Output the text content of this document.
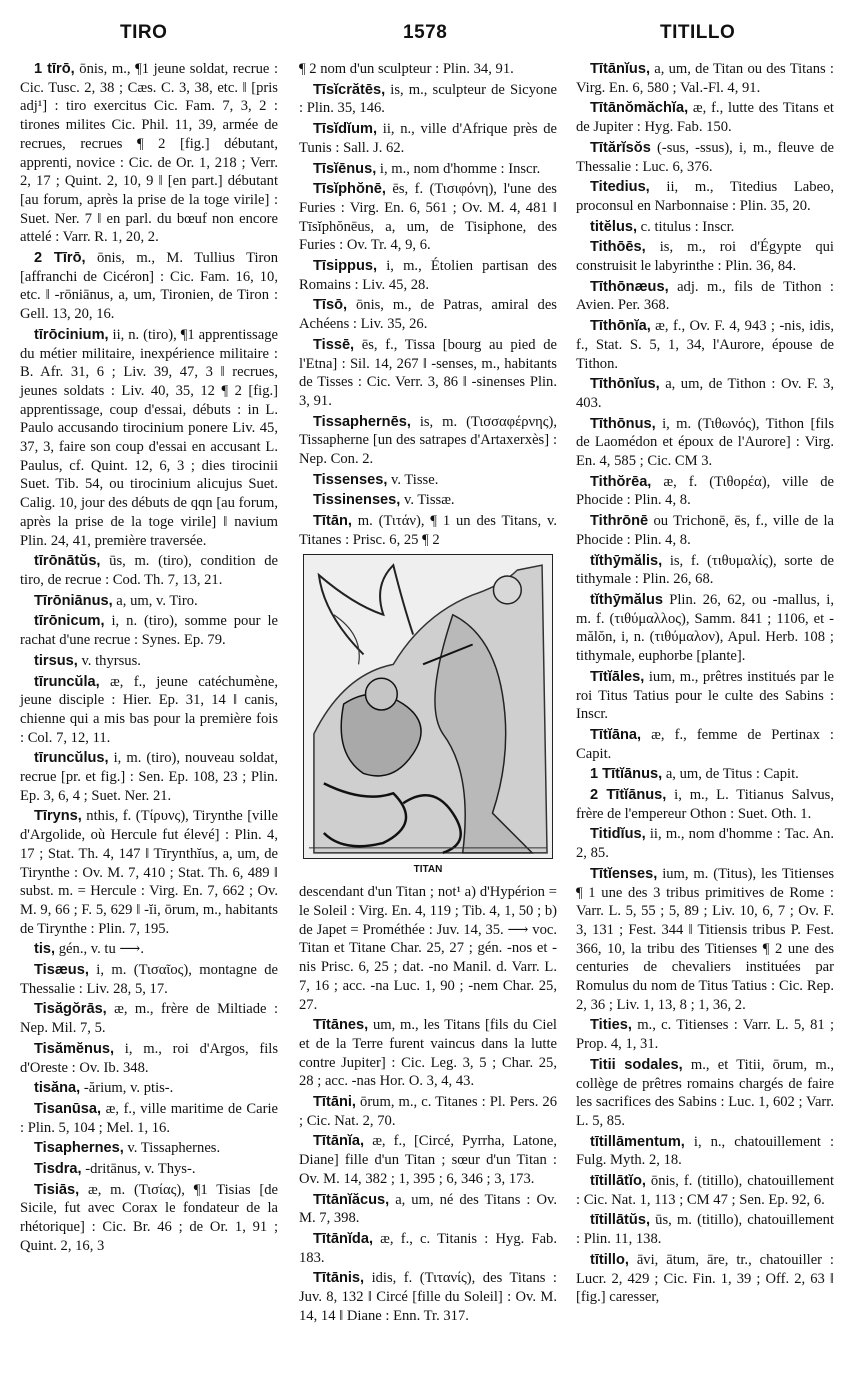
TIRO	1578	TITILLO

1 tīrō, ōnis, m., ¶1 jeune soldat, recrue : Cic. Tusc. 2, 38 ; Cæs. C. 3, 38, etc. ‖ [pris adj¹] : tiro exercitus Cic. Fam. 7, 3, 2 : tirones milites Cic. Phil. 11, 39, armée de recrues, recrues ¶ 2 [fig.] débutant, apprenti, novice : Cic. de Or. 1, 218 ; Verr. 2, 17 ; Quint. 2, 10, 9 ‖ [en part.] débutant [au forum, après la prise de la toge virile] : Suet. Ner. 7 ‖ en parl. du bœuf non encore attelé : Varr. R. 1, 20, 2.

2 Tīrō, ōnis, m., M. Tullius Tiron [affranchi de Cicéron] : Cic. Fam. 16, 10, etc. ‖ -rōniānus, a, um, Tironien, de Tiron : Gell. 13, 20, 16.

tīrōcinium, ii, n. (tiro), ¶1 apprentissage du métier militaire, inexpérience militaire : B. Afr. 31, 6 ; Liv. 39, 47, 3 ‖ recrues, jeunes soldats : Liv. 40, 35, 12 ¶ 2 [fig.] apprentissage, coup d'essai, débuts : in L. Paulo accusando tirocinium ponere Liv. 45, 37, 3, faire son coup d'essai en accusant L. Paulus, cf. Quint. 12, 6, 3 ; dies tirocinii Suet. Tib. 54, ou tirocinium alicujus Suet. Calig. 10, jour des débuts de qqn [au forum, après la prise de la toge virile] ‖ navium Plin. 24, 41, première traversée.

tīrōnātŭs, ūs, m. (tiro), condition de tiro, de recrue : Cod. Th. 7, 13, 21.

Tīrōniānus, a, um, v. Tiro.

tīrōnicum, i, n. (tiro), somme pour le rachat d'une recrue : Synes. Ep. 79.

tirsus, v. thyrsus.

tīruncŭla, æ, f., jeune catéchumène, jeune disciple : Hier. Ep. 31, 14 ‖ canis, chienne qui a mis bas pour la première fois : Col. 7, 12, 11.

tīruncŭlus, i, m. (tiro), nouveau soldat, recrue [pr. et fig.] : Sen. Ep. 108, 23 ; Plin. Ep. 3, 6, 4 ; Suet. Ner. 21.

Tīryns, nthis, f. (Τίρυνς), Tirynthe [ville d'Argolide, où Hercule fut élevé] : Plin. 4, 17 ; Stat. Th. 4, 147 ‖ Tīrynthĭus, a, um, de Tirynthe : Ov. M. 7, 410 ; Stat. Th. 6, 489 ‖ subst. m. = Hercule : Virg. En. 7, 662 ; Ov. M. 9, 66 ; F. 5, 629 ‖ -ĭi, ōrum, m., habitants de Tirynthe : Plin. 7, 195.

tis, gén., v. tu ⟶.

Tisæus, i, m. (Τισαῖος), montagne de Thessalie : Liv. 28, 5, 17.

Tisăgŏrās, æ, m., frère de Miltiade : Nep. Mil. 7, 5.

Tisămĕnus, i, m., roi d'Argos, fils d'Oreste : Ov. Ib. 348.

tisăna, -ărium, v. ptis-.

Tisanūsa, æ, f., ville maritime de Carie : Plin. 5, 104 ; Mel. 1, 16.

Tisaphernes, v. Tissaphernes.

Tisdra, -dritānus, v. Thys-.

Tisiās, æ, m. (Τισίας), ¶1 Tisias [de Sicile, fut avec Corax le fondateur de la rhétorique] : Cic. Br. 46 ; de Or. 1, 91 ; Quint. 2, 16, 3

¶ 2 nom d'un sculpteur : Plin. 34, 91.

Tīsĭcrătēs, is, m., sculpteur de Sicyone : Plin. 35, 146.

Tīsĭdĭum, ii, n., ville d'Afrique près de Tunis : Sall. J. 62.

Tīsĭēnus, i, m., nom d'homme : Inscr.

Tīsĭphŏnē, ēs, f. (Τισιφόνη), l'une des Furies : Virg. En. 6, 561 ; Ov. M. 4, 481 ‖ Tīsĭphŏnēus, a, um, de Tisiphone, des Furies : Ov. Tr. 4, 9, 6.

Tīsippus, i, m., Étolien partisan des Romains : Liv. 45, 28.

Tīsō, ōnis, m., de Patras, amiral des Achéens : Liv. 35, 26.

Tissē, ēs, f., Tissa [bourg au pied de l'Etna] : Sil. 14, 267 ‖ -senses, m., habitants de Tisses : Cic. Verr. 3, 86 ‖ -sinenses Plin. 3, 91.

Tissaphernēs, is, m. (Τισσαφέρνης), Tissapherne [un des satrapes d'Artaxerxès] : Nep. Con. 2.

Tissenses, v. Tisse.

Tissinenses, v. Tissæ.

Tītān, m. (Τιτάν), ¶ 1 un des Titans, v. Titanes : Prisc. 6, 25 ¶ 2

TITAN

descendant d'un Titan ; not¹ a) d'Hypérion = le Soleil : Virg. En. 4, 119 ; Tib. 4, 1, 50 ; b) de Japet = Prométhée : Juv. 14, 35. ⟶ voc. Titan et Titane Char. 25, 27 ; gén. -nos et -nis Prisc. 6, 25 ; dat. -no Manil. d. Varr. L. 7, 16 ; acc. -na Luc. 1, 90 ; -nem Char. 25, 27.

Tītānes, um, m., les Titans [fils du Ciel et de la Terre furent vaincus dans la lutte contre Jupiter] : Cic. Leg. 3, 5 ; Char. 25, 28 ; acc. -nas Hor. O. 3, 4, 43.

Tītāni, ōrum, m., c. Titanes : Pl. Pers. 26 ; Cic. Nat. 2, 70.

Tītānĭa, æ, f., [Circé, Pyrrha, Latone, Diane] fille d'un Titan ; sœur d'un Titan : Ov. M. 14, 382 ; 1, 395 ; 6, 346 ; 3, 173.

Tītānĭăcus, a, um, né des Titans : Ov. M. 7, 398.

Tītānĭda, æ, f., c. Titanis : Hyg. Fab. 183.

Tītānis, idis, f. (Τιτανίς), des Titans : Juv. 8, 132 ‖ Circé [fille du Soleil] : Ov. M. 14, 14 ‖ Diane : Enn. Tr. 317.

Tītānĭus, a, um, de Titan ou des Titans : Virg. En. 6, 580 ; Val.-Fl. 4, 91.

Tītānŏmăchĭa, æ, f., lutte des Titans et de Jupiter : Hyg. Fab. 150.

Tītărĭsŏs (-sus, -ssus), i, m., fleuve de Thessalie : Luc. 6, 376.

Titedius, ii, m., Titedius Labeo, proconsul en Narbonnaise : Plin. 35, 20.

titĕlus, c. titulus : Inscr.

Tithōēs, is, m., roi d'Égypte qui construisit le labyrinthe : Plin. 36, 84.

Tīthōnæus, adj. m., fils de Tithon : Avien. Per. 368.

Tīthōnĭa, æ, f., Ov. F. 4, 943 ; -nis, idis, f., Stat. S. 5, 1, 34, l'Aurore, épouse de Tithon.

Tīthōnĭus, a, um, de Tithon : Ov. F. 3, 403.

Tīthōnus, i, m. (Τιθωνός), Tithon [fils de Laomédon et époux de l'Aurore] : Virg. En. 4, 585 ; Cic. CM 3.

Tithŏrēa, æ, f. (Τιθορέα), ville de Phocide : Plin. 4, 8.

Tithrōnē ou Trichonē, ēs, f., ville de la Phocide : Plin. 4, 8.

tĭthȳmălis, is, f. (τιθυμαλίς), sorte de tithymale : Plin. 26, 68.

tĭthȳmălus Plin. 26, 62, ou -mallus, i, m. f. (τιθύμαλλος), Samm. 841 ; 1106, et -mălŏn, i, n. (τιθύμαλον), Apul. Herb. 108 ; tithymale, euphorbe [plante].

Tītĭāles, ium, m., prêtres institués par le roi Titus Tatius pour le culte des Sabins : Inscr.

Tītĭāna, æ, f., femme de Pertinax : Capit.

1 Tītĭānus, a, um, de Titus : Capit.

2 Tītĭānus, i, m., L. Titianus Salvus, frère de l'empereur Othon : Suet. Oth. 1.

Titidĭus, ii, m., nom d'homme : Tac. An. 2, 85.

Tītĭenses, ium, m. (Titus), les Titienses ¶ 1 une des 3 tribus primitives de Rome : Varr. L. 5, 55 ; 5, 89 ; Liv. 10, 6, 7 ; Ov. F. 3, 131 ; Fest. 344 ‖ Titiensis tribus P. Fest. 366, 10, la tribu des Titienses ¶ 2 une des centuries de chevaliers instituées par Romulus du nom de Titus Tatius : Cic. Rep. 2, 36 ; Liv. 1, 13, 8 ; 1, 36, 2.

Tities, m., c. Titienses : Varr. L. 5, 81 ; Prop. 4, 1, 31.

Titii sodales, m., et Titii, ōrum, m., collège de prêtres romains chargés de faire les sacrifices des Sabins : Luc. 1, 602 ; Varr. L. 5, 85.

tītillāmentum, i, n., chatouillement : Fulg. Myth. 2, 18.

tītillātĭo, ōnis, f. (titillo), chatouillement : Cic. Nat. 1, 113 ; CM 47 ; Sen. Ep. 92, 6.

tītillātŭs, ūs, m. (titillo), chatouillement : Plin. 11, 138.

tītillo, āvi, ātum, āre, tr., chatouiller : Lucr. 2, 429 ; Cic. Fin. 1, 39 ; Off. 2, 63 ‖ [fig.] caresser,
